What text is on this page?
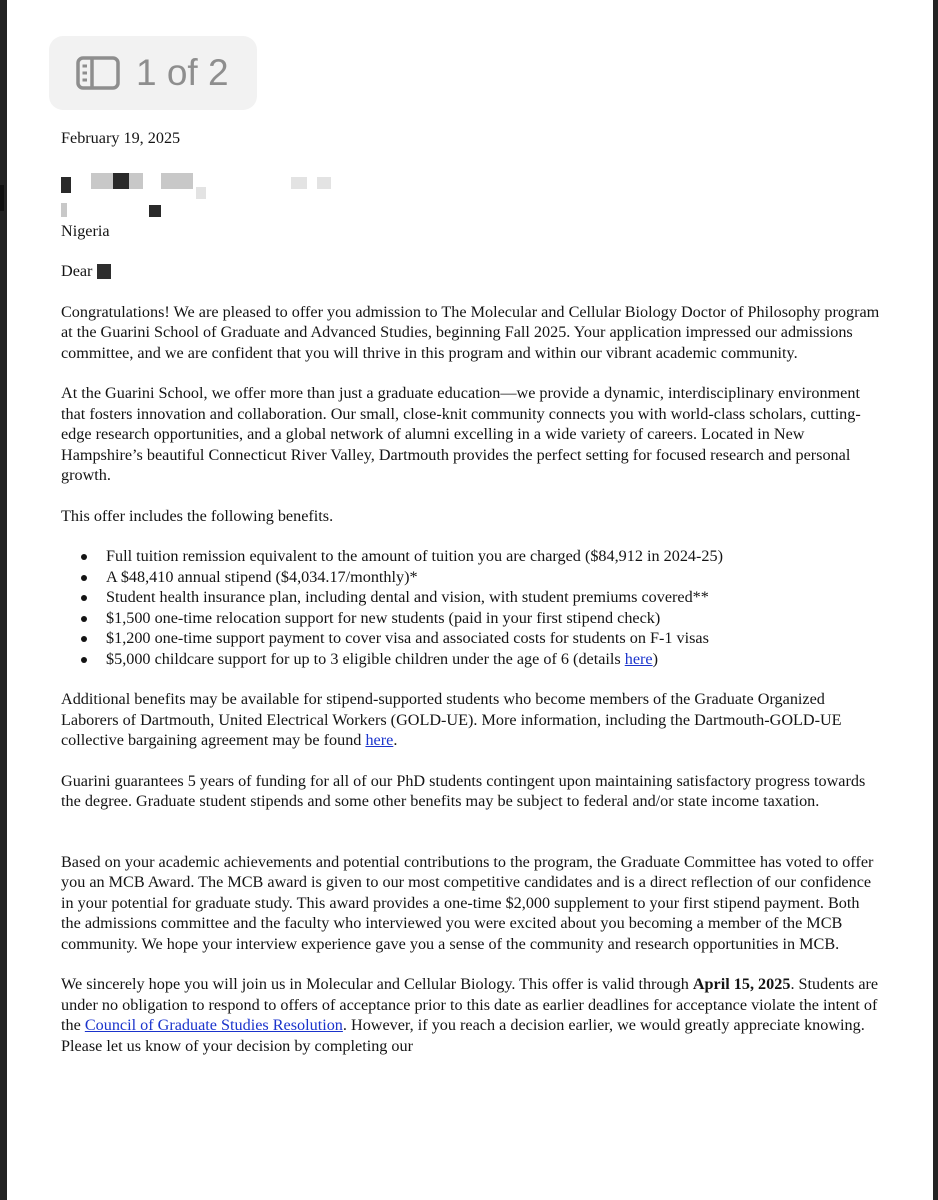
1 of 2

February 19, 2025

Nigeria

Dear

Congratulations! We are pleased to offer you admission to The Molecular and Cellular Biology Doctor of Philosophy program at the Guarini School of Graduate and Advanced Studies, beginning Fall 2025. Your application impressed our admissions committee, and we are confident that you will thrive in this program and within our vibrant academic community.

At the Guarini School, we offer more than just a graduate education—we provide a dynamic, interdisciplinary environment that fosters innovation and collaboration. Our small, close-knit community connects you with world-class scholars, cutting-edge research opportunities, and a global network of alumni excelling in a wide variety of careers. Located in New Hampshire’s beautiful Connecticut River Valley, Dartmouth provides the perfect setting for focused research and personal growth.

This offer includes the following benefits.

Full tuition remission equivalent to the amount of tuition you are charged ($84,912 in 2024-25)
A $48,410 annual stipend ($4,034.17/monthly)*
Student health insurance plan, including dental and vision, with student premiums covered**
$1,500 one-time relocation support for new students (paid in your first stipend check)
$1,200 one-time support payment to cover visa and associated costs for students on F-1 visas
$5,000 childcare support for up to 3 eligible children under the age of 6 (details here)

Additional benefits may be available for stipend-supported students who become members of the Graduate Organized Laborers of Dartmouth, United Electrical Workers (GOLD-UE). More information, including the Dartmouth-GOLD-UE collective bargaining agreement may be found here.

Guarini guarantees 5 years of funding for all of our PhD students contingent upon maintaining satisfactory progress towards the degree. Graduate student stipends and some other benefits may be subject to federal and/or state income taxation.

Based on your academic achievements and potential contributions to the program, the Graduate Committee has voted to offer you an MCB Award. The MCB award is given to our most competitive candidates and is a direct reflection of our confidence in your potential for graduate study. This award provides a one-time $2,000 supplement to your first stipend payment. Both the admissions committee and the faculty who interviewed you were excited about you becoming a member of the MCB community. We hope your interview experience gave you a sense of the community and research opportunities in MCB.

We sincerely hope you will join us in Molecular and Cellular Biology. This offer is valid through April 15, 2025. Students are under no obligation to respond to offers of acceptance prior to this date as earlier deadlines for acceptance violate the intent of the Council of Graduate Studies Resolution. However, if you reach a decision earlier, we would greatly appreciate knowing. Please let us know of your decision by completing our
